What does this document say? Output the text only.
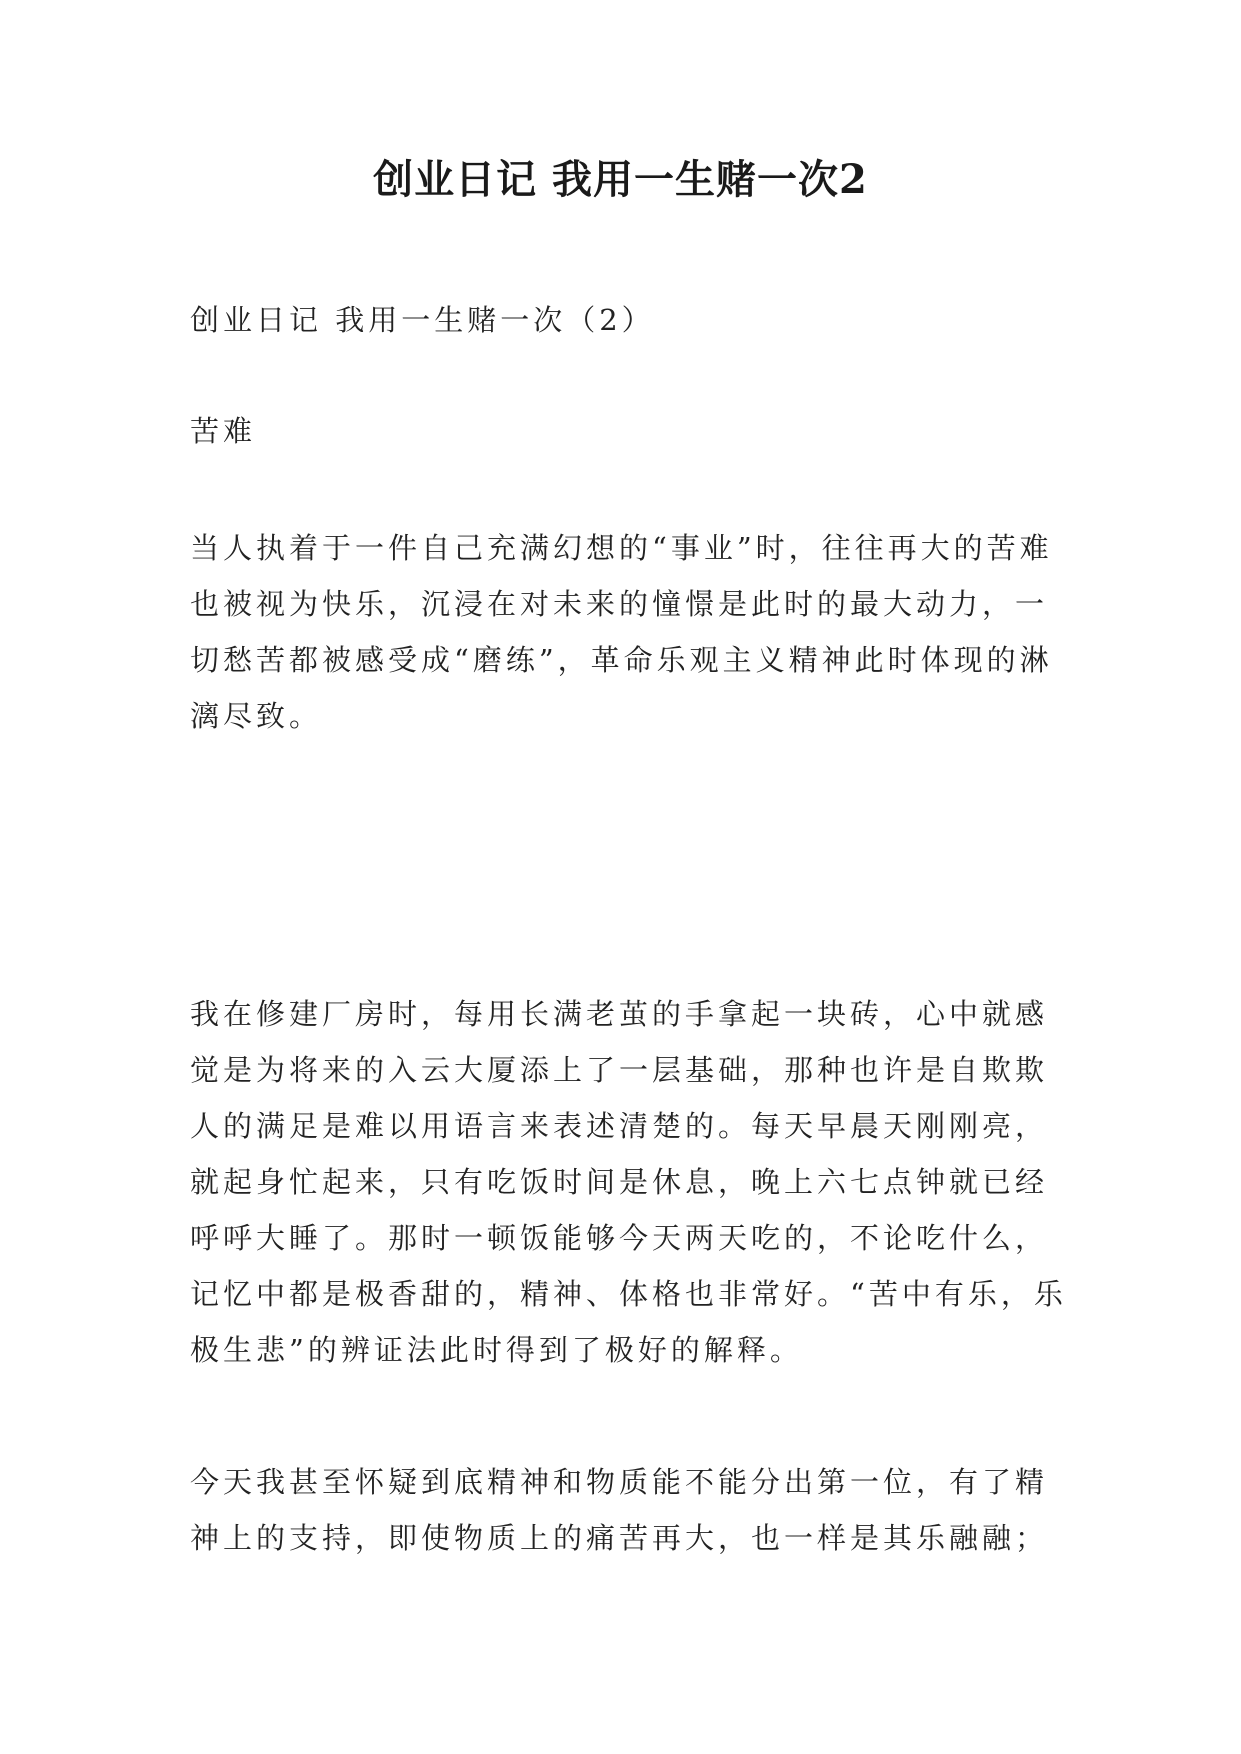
创业日记 我用一生赌一次2

创业日记 我用一生赌一次（2）

苦难

当人执着于一件自己充满幻想的“事业”时，往往再大的苦难也被视为快乐，沉浸在对未来的憧憬是此时的最大动力，一切愁苦都被感受成“磨练”，革命乐观主义精神此时体现的淋漓尽致。

我在修建厂房时，每用长满老茧的手拿起一块砖，心中就感觉是为将来的入云大厦添上了一层基础，那种也许是自欺欺人的满足是难以用语言来表述清楚的。每天早晨天刚刚亮，就起身忙起来，只有吃饭时间是休息，晚上六七点钟就已经呼呼大睡了。那时一顿饭能够今天两天吃的，不论吃什么，记忆中都是极香甜的，精神、体格也非常好。“苦中有乐，乐极生悲”的辨证法此时得到了极好的解释。

今天我甚至怀疑到底精神和物质能不能分出第一位，有了精神上的支持，即使物质上的痛苦再大，也一样是其乐融融；
